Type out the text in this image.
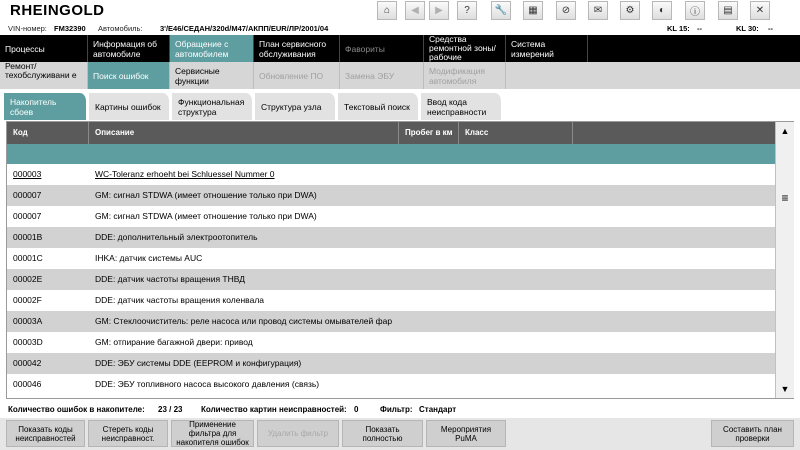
RHEINGOLD	⌂	◀	▶	?	🔧	▦	⊘	✉	⚙	◐	ⓘ	▤	✕
VIN-номер: FM32390 Автомобиль: 3'/E46/СЕДАН/320d/M47/АКПП/EUR/ЛР/2001/04	KL 15: --	KL 30: --
Процессы	Информация об автомобиле
Обращение с автомобилем
План сервисного обслуживания	Фавориты
Средства ремонтной зоны/ рабочие
Система измерений
Ремонт/ техобслуживани е	Поиск ошибок	Сервисные функции	Обновление ПО	Замена ЭБУ	Модификация автомобиля
Накопитель сбоев	Картины ошибок	Функциональная структура	Структура узла	Текстовый поиск	Ввод кода неисправности
Код	Описание	Пробег в км	Класс
000003	WC-Toleranz erhoeht bei Schluessel Nummer 0
000007	GM: сигнал STDWA (имеет отношение только при DWA)
000007	GM: сигнал STDWA (имеет отношение только при DWA)
00001B	DDE: дополнительный электроотопитель
00001C	IHKA: датчик системы AUC
00002E	DDE: датчик частоты вращения ТНВД
00002F	DDE: датчик частоты вращения коленвала
00003A	GM: Стеклоочиститель: реле насоса или провод системы омывателей фар
00003D	GM: отпирание багажной двери: привод
000042	DDE: ЭБУ системы DDE (EEPROM и конфигурация)
000046	DDE: ЭБУ топливного насоса высокого давления (связь)
▲
≡
▼
Количество ошибок в накопителе: 23 / 23 Количество картин неисправностей: 0	Фильтр: Стандарт
Показать коды неисправностей
Стереть коды неисправност.
Применение фильтра для накопителя ошибок
Удалить фильтр	Показать полностью
Мероприятия PuMA
Составить план проверки
